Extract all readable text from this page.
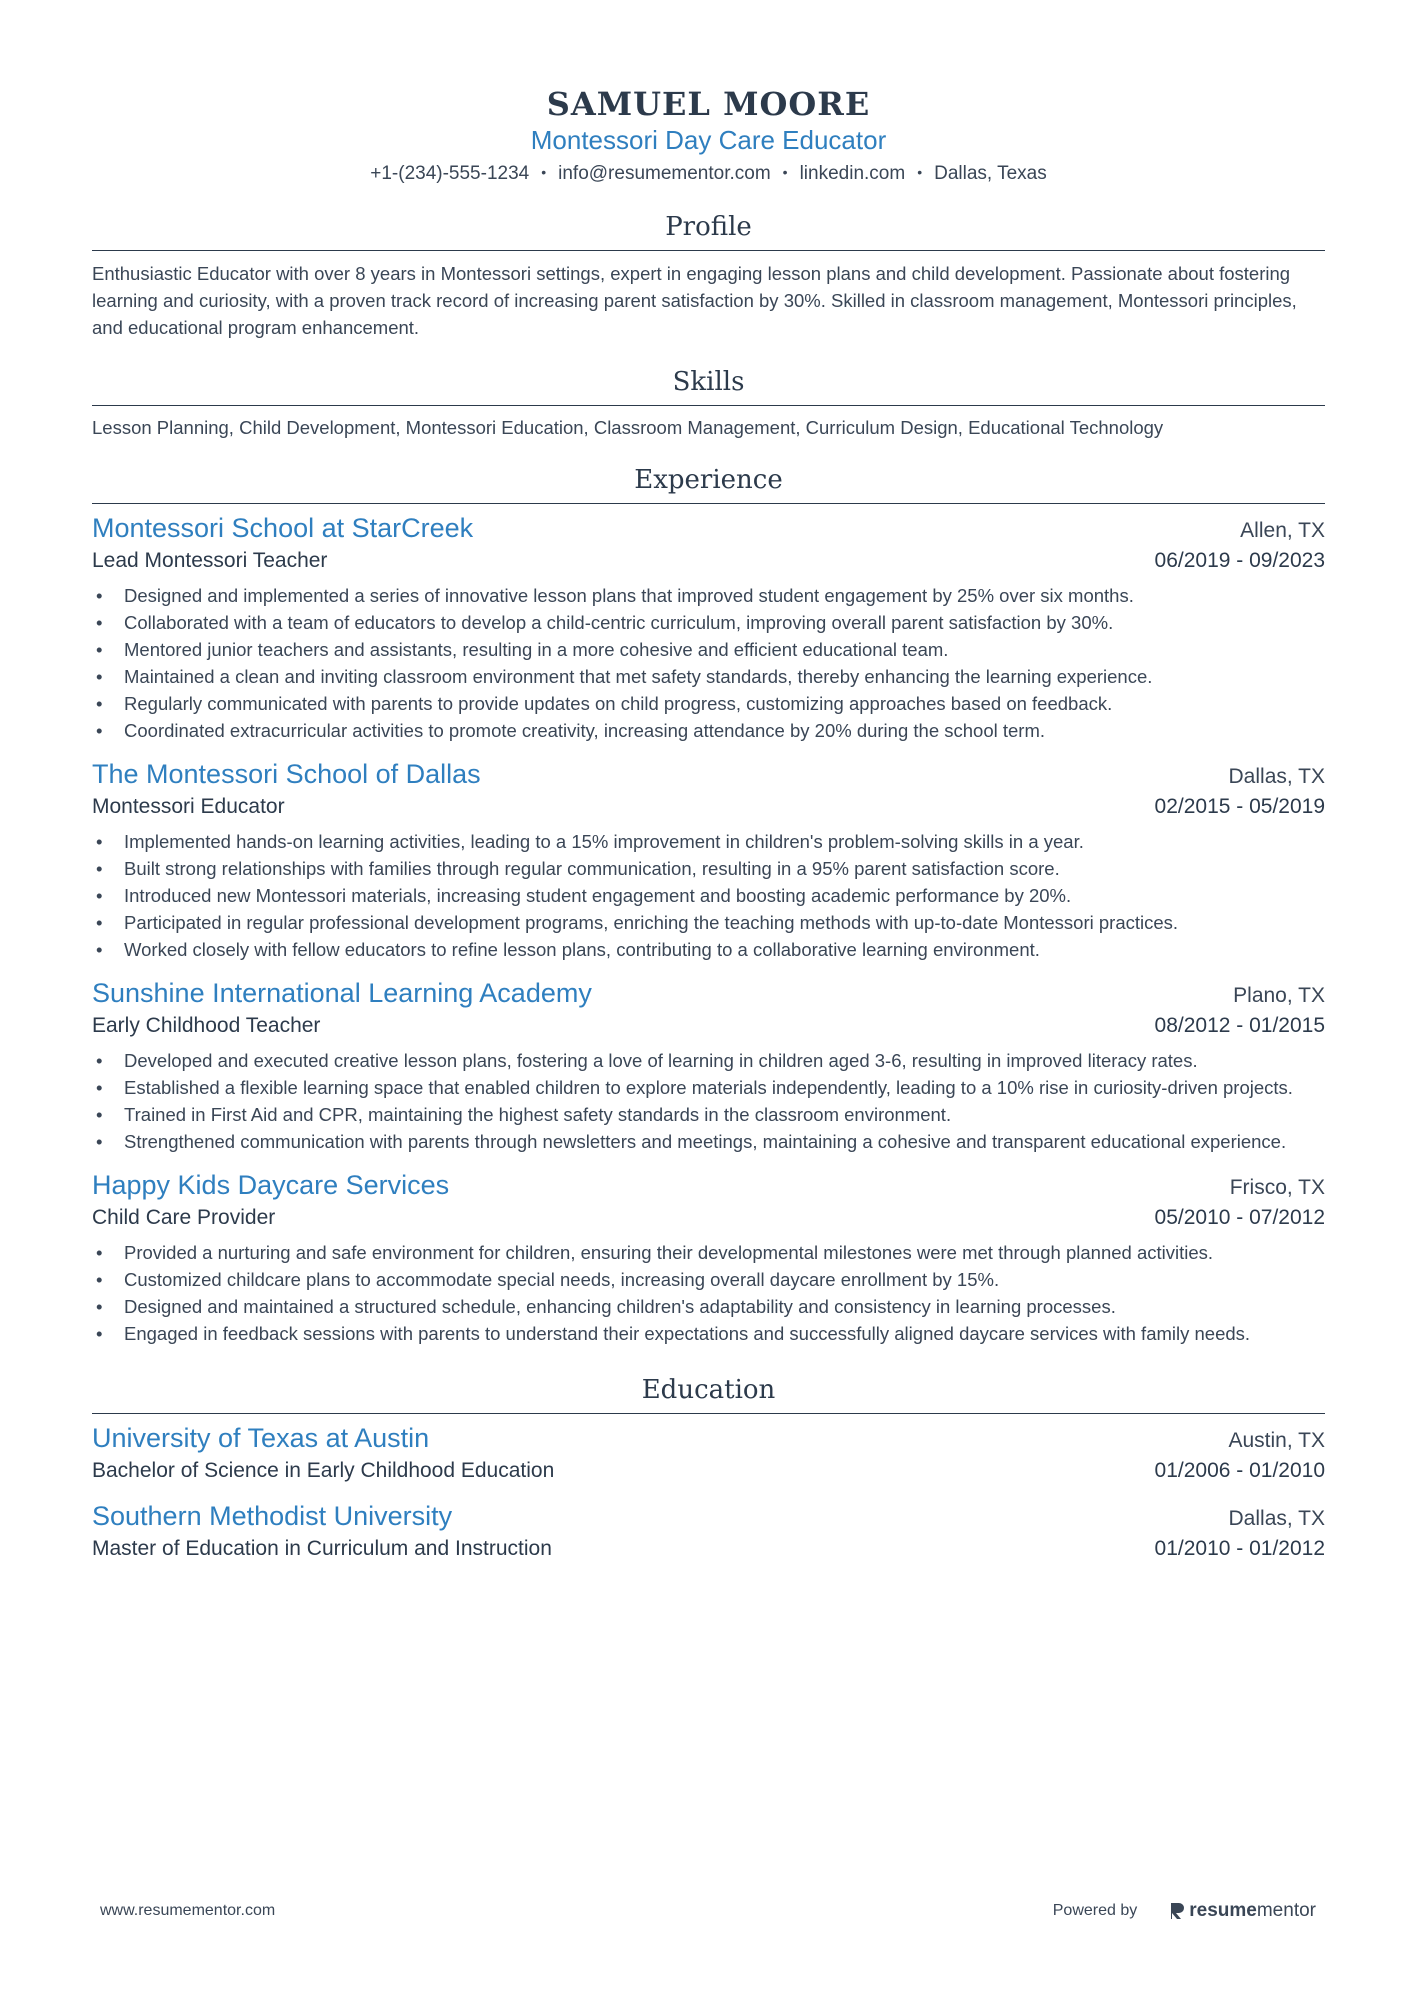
SAMUEL MOORE
Montessori Day Care Educator
+1-(234)-555-1234 • info@resumementor.com • linkedin.com • Dallas, Texas
Profile
Enthusiastic Educator with over 8 years in Montessori settings, expert in engaging lesson plans and child development. Passionate about fostering learning and curiosity, with a proven track record of increasing parent satisfaction by 30%. Skilled in classroom management, Montessori principles, and educational program enhancement.
Skills
Lesson Planning, Child Development, Montessori Education, Classroom Management, Curriculum Design, Educational Technology
Experience
Montessori School at StarCreek	Allen, TX
Lead Montessori Teacher	06/2019 - 09/2023
• Designed and implemented a series of innovative lesson plans that improved student engagement by 25% over six months.
• Collaborated with a team of educators to develop a child-centric curriculum, improving overall parent satisfaction by 30%.
• Mentored junior teachers and assistants, resulting in a more cohesive and efficient educational team.
• Maintained a clean and inviting classroom environment that met safety standards, thereby enhancing the learning experience.
• Regularly communicated with parents to provide updates on child progress, customizing approaches based on feedback.
• Coordinated extracurricular activities to promote creativity, increasing attendance by 20% during the school term.
The Montessori School of Dallas	Dallas, TX
Montessori Educator	02/2015 - 05/2019
• Implemented hands-on learning activities, leading to a 15% improvement in children's problem-solving skills in a year.
• Built strong relationships with families through regular communication, resulting in a 95% parent satisfaction score.
• Introduced new Montessori materials, increasing student engagement and boosting academic performance by 20%.
• Participated in regular professional development programs, enriching the teaching methods with up-to-date Montessori practices.
• Worked closely with fellow educators to refine lesson plans, contributing to a collaborative learning environment.
Sunshine International Learning Academy	Plano, TX
Early Childhood Teacher	08/2012 - 01/2015
• Developed and executed creative lesson plans, fostering a love of learning in children aged 3-6, resulting in improved literacy rates.
• Established a flexible learning space that enabled children to explore materials independently, leading to a 10% rise in curiosity-driven projects.
• Trained in First Aid and CPR, maintaining the highest safety standards in the classroom environment.
• Strengthened communication with parents through newsletters and meetings, maintaining a cohesive and transparent educational experience.
Happy Kids Daycare Services	Frisco, TX
Child Care Provider	05/2010 - 07/2012
• Provided a nurturing and safe environment for children, ensuring their developmental milestones were met through planned activities.
• Customized childcare plans to accommodate special needs, increasing overall daycare enrollment by 15%.
• Designed and maintained a structured schedule, enhancing children's adaptability and consistency in learning processes.
• Engaged in feedback sessions with parents to understand their expectations and successfully aligned daycare services with family needs.
Education
University of Texas at Austin	Austin, TX
Bachelor of Science in Early Childhood Education	01/2006 - 01/2010
Southern Methodist University	Dallas, TX
Master of Education in Curriculum and Instruction	01/2010 - 01/2012
www.resumementor.com	Powered by	resume mentor
